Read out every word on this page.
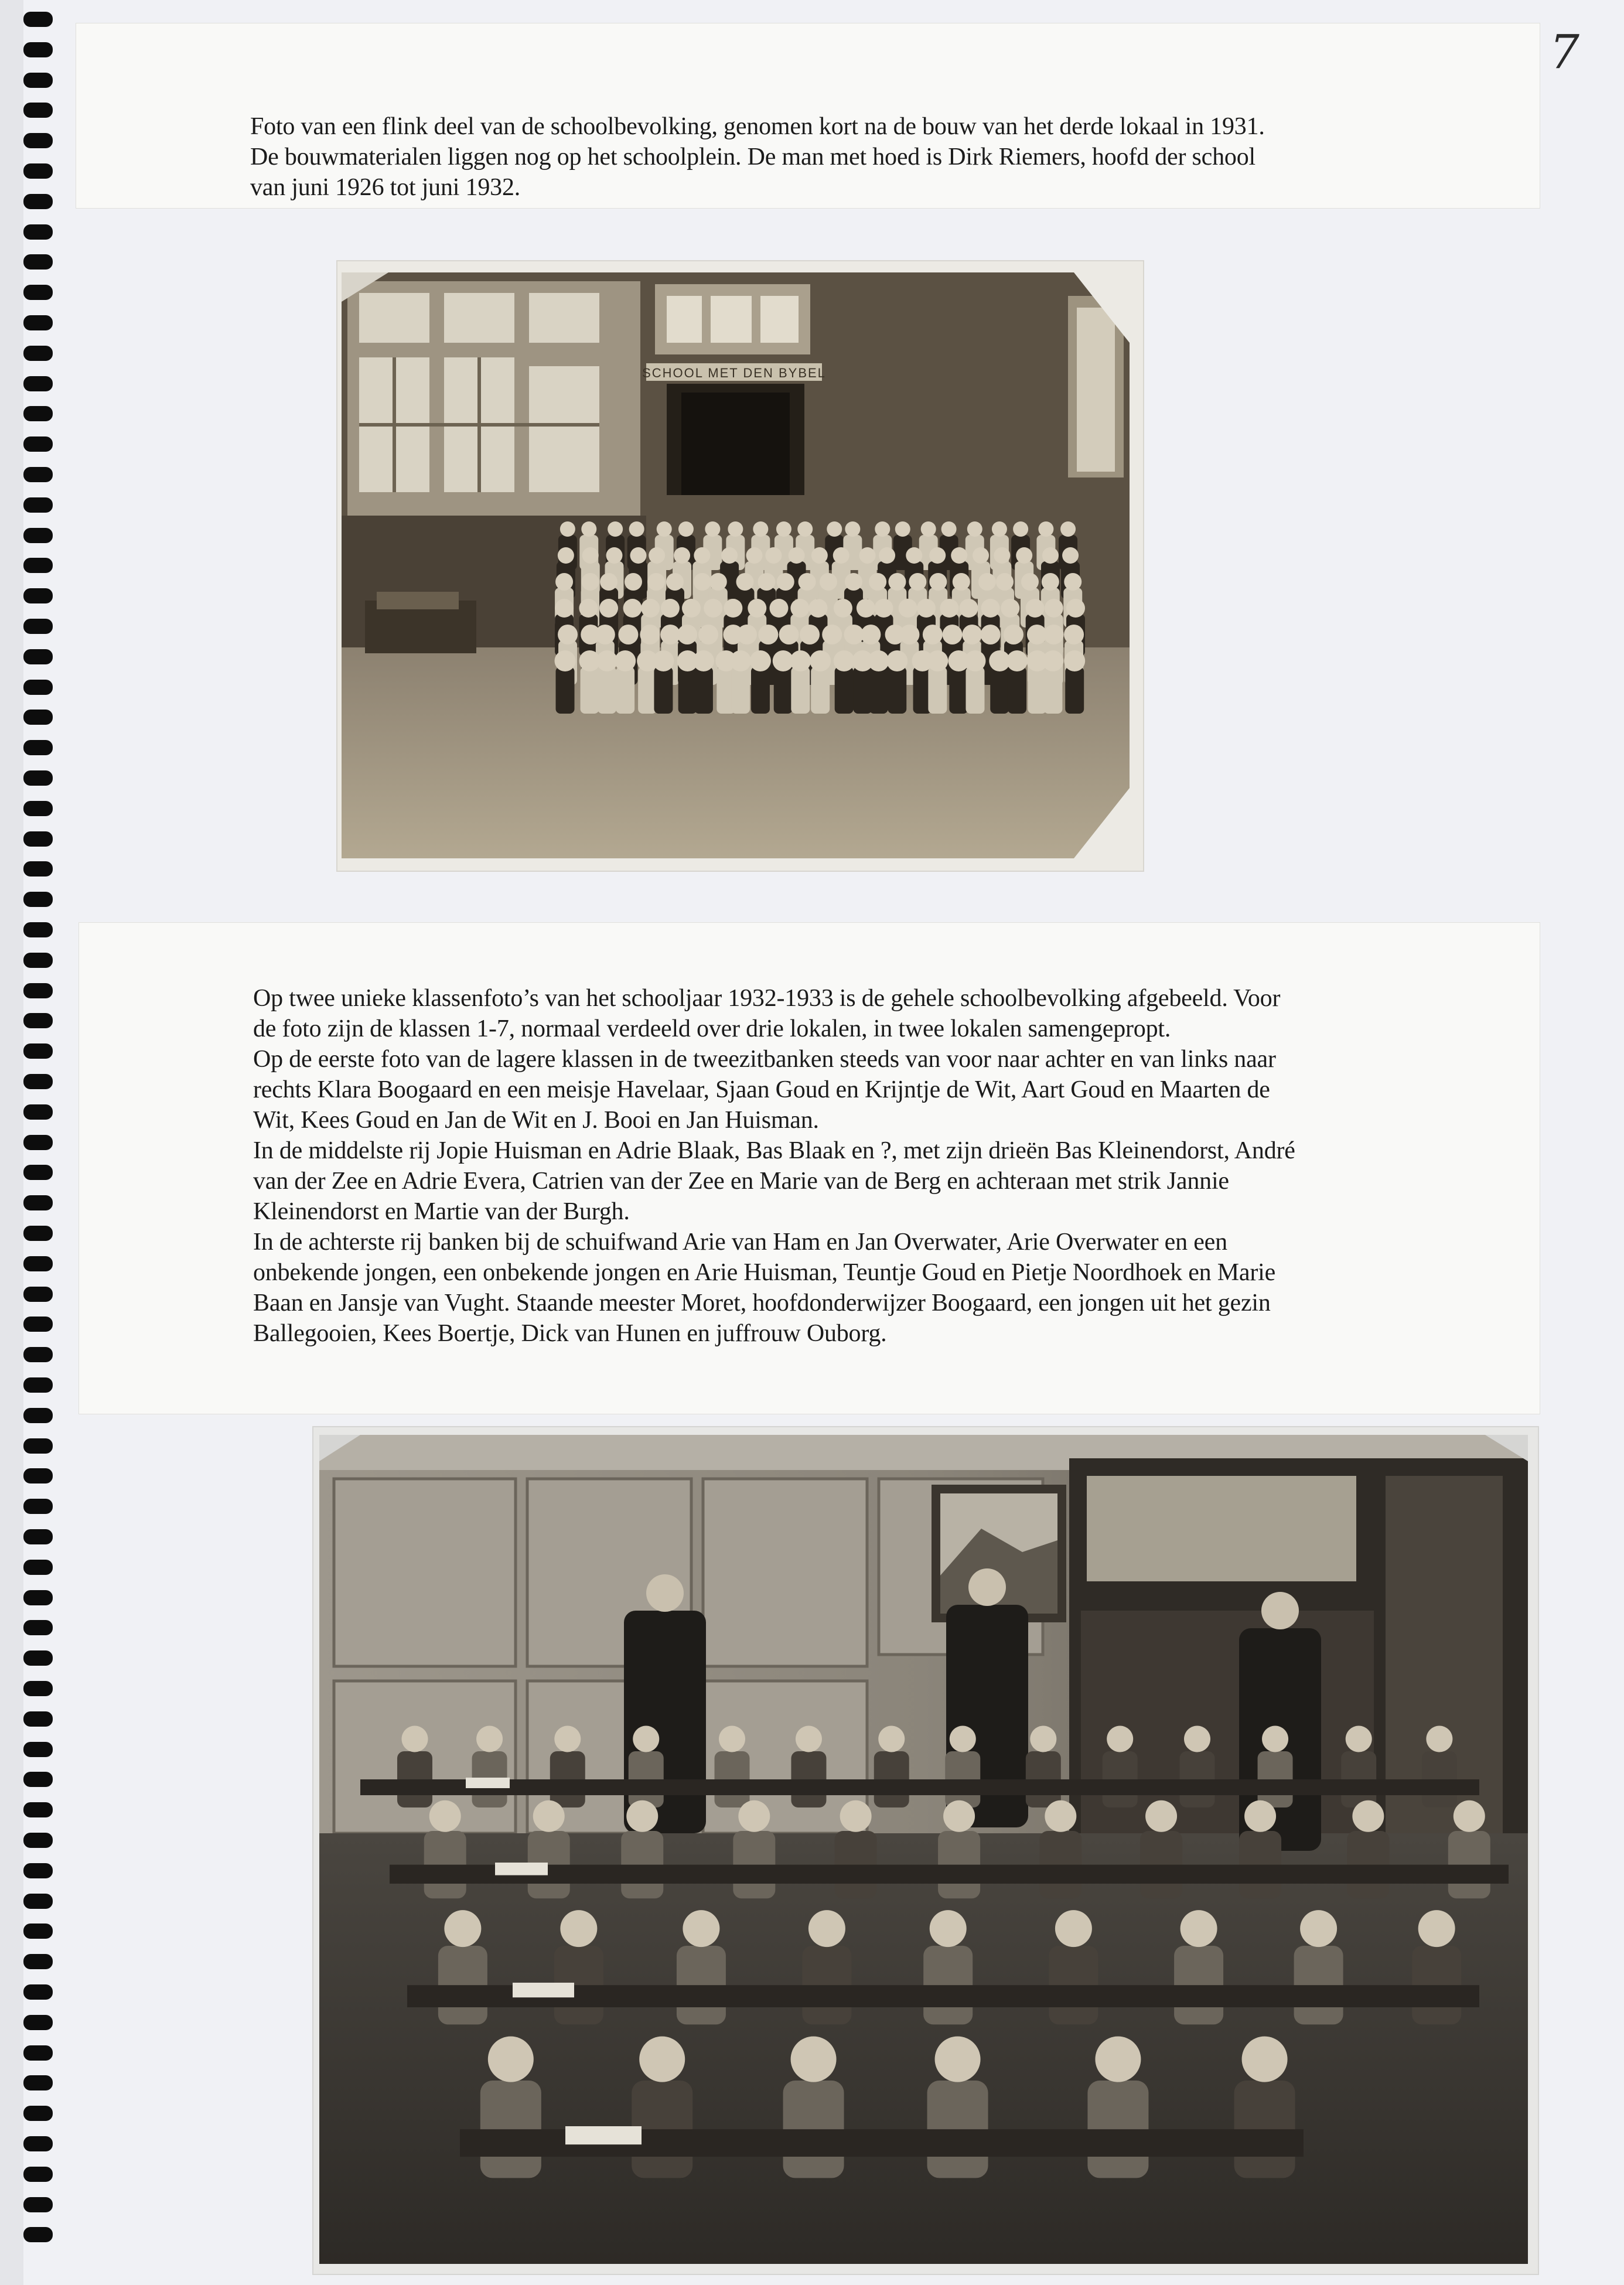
7

Foto van een flink deel van de schoolbevolking, genomen kort na de bouw van het derde lokaal in 1931.

De bouwmaterialen liggen nog op het schoolplein. De man met hoed is Dirk Riemers, hoofd der school

van juni 1926 tot juni 1932.

SCHOOL MET DEN BYBEL

Op twee unieke klassenfoto’s van het schooljaar 1932-1933 is de gehele schoolbevolking afgebeeld. Voor

de foto zijn de klassen 1-7, normaal verdeeld over drie lokalen, in twee lokalen samengepropt.

Op de eerste foto van de lagere klassen in de tweezitbanken steeds van voor naar achter en van links naar

rechts Klara Boogaard en een meisje Havelaar, Sjaan Goud en Krijntje de Wit, Aart Goud en Maarten de

Wit, Kees Goud en Jan de Wit en J. Booi en Jan Huisman.

In de middelste rij Jopie Huisman en Adrie Blaak, Bas Blaak en ?, met zijn drieën Bas Kleinendorst, André

van der Zee en Adrie Evera, Catrien van der Zee en Marie van de Berg en achteraan met strik Jannie

Kleinendorst en Martie van der Burgh.

In de achterste rij banken bij de schuifwand Arie van Ham en Jan Overwater, Arie Overwater en een

onbekende jongen, een onbekende jongen en Arie Huisman, Teuntje Goud en Pietje Noordhoek en Marie

Baan en Jansje van Vught. Staande meester Moret, hoofdonderwijzer Boogaard, een jongen uit het gezin

Ballegooien, Kees Boertje, Dick van Hunen en juffrouw Ouborg.
